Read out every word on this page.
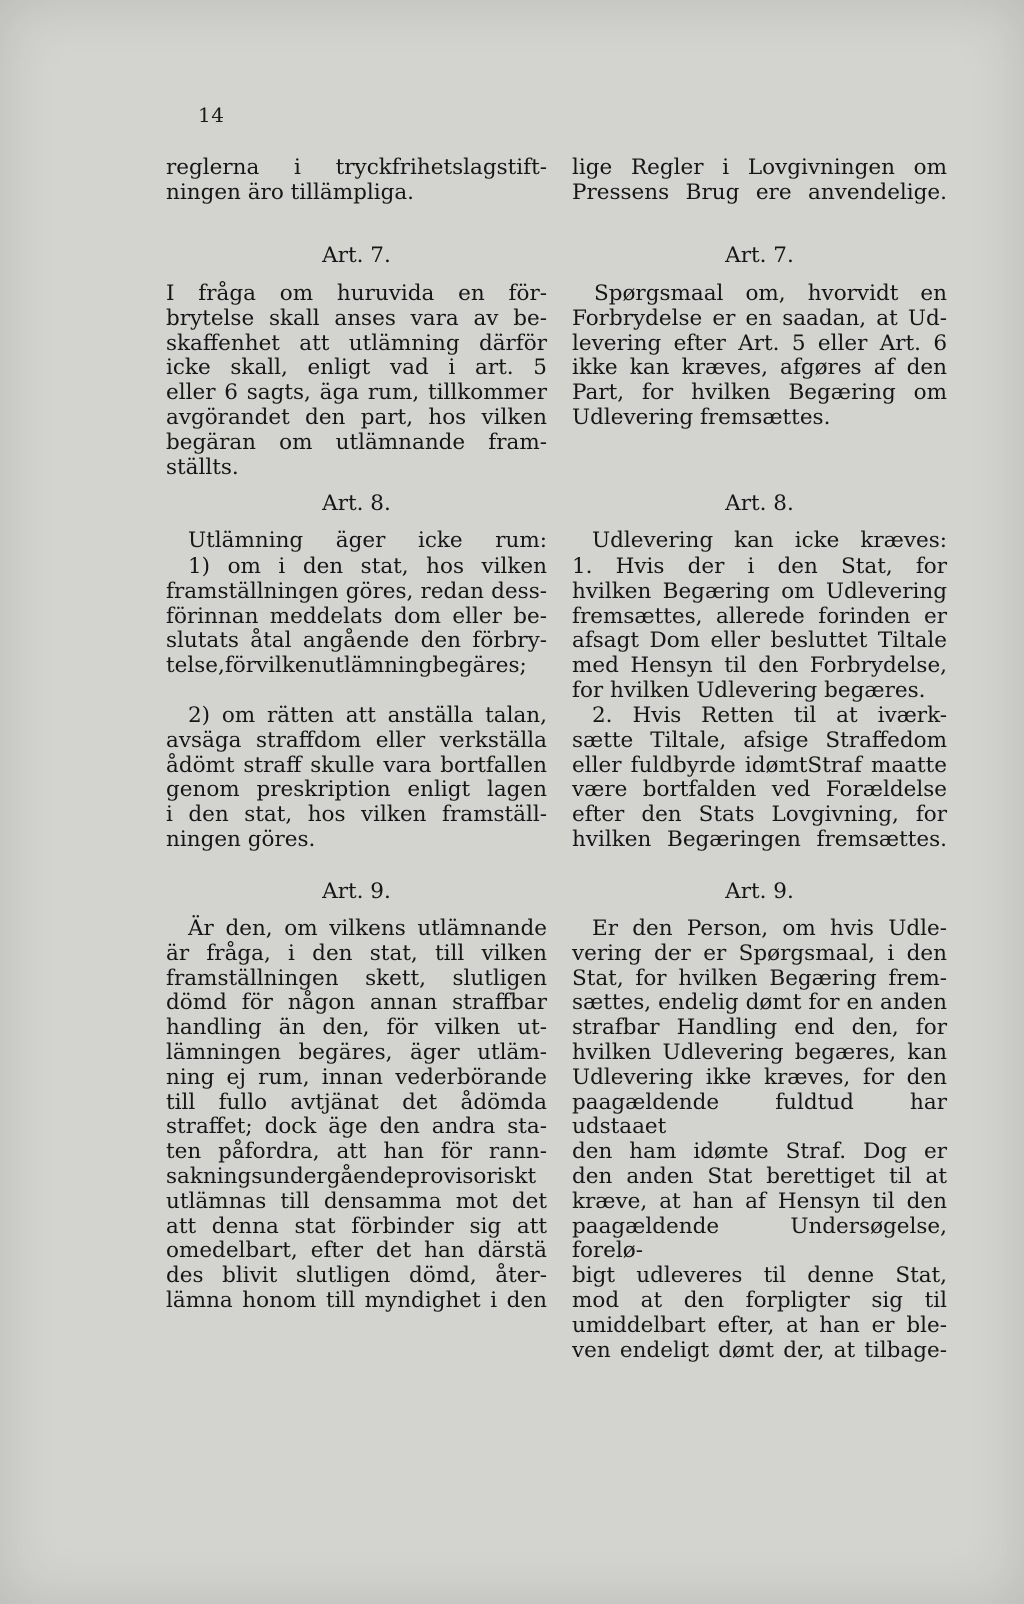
14
reglerna i tryckfrihetslagstift-
ningen äro tillämpliga.
Art. 7.
I fråga om huruvida en för-
brytelse skall anses vara av be-
skaffenhet att utlämning därför
icke skall, enligt vad i art. 5
eller 6 sagts, äga rum, tillkommer
avgörandet den part, hos vilken
begäran om utlämnande fram-
ställts.
Art. 8.
Utlämning äger icke rum:
1) om i den stat, hos vilken
framställningen göres, redan dess-
förinnan meddelats dom eller be-
slutats åtal angående den förbry-
telse,förvilkenutlämningbegäres;
2) om rätten att anställa talan,
avsäga straffdom eller verkställa
ådömt straff skulle vara bortfallen
genom preskription enligt lagen
i den stat, hos vilken framställ-
ningen göres.
Art. 9.
Är den, om vilkens utlämnande
är fråga, i den stat, till vilken
framställningen skett, slutligen
dömd för någon annan straffbar
handling än den, för vilken ut-
lämningen begäres, äger utläm-
ning ej rum, innan vederbörande
till fullo avtjänat det ådömda
straffet; dock äge den andra sta-
ten påfordra, att han för rann-
sakningsundergåendeprovisoriskt
utlämnas till densamma mot det
att denna stat förbinder sig att
omedelbart, efter det han därstä
des blivit slutligen dömd, åter-
lämna honom till myndighet i den
lige Regler i Lovgivningen om
Pressens Brug ere anvendelige.
Art. 7.
Spørgsmaal om, hvorvidt en
Forbrydelse er en saadan, at Ud-
levering efter Art. 5 eller Art. 6
ikke kan kræves, afgøres af den
Part, for hvilken Begæring om
Udlevering fremsættes.
Art. 8.
Udlevering kan icke kræves:
1. Hvis der i den Stat, for
hvilken Begæring om Udlevering
fremsættes, allerede forinden er
afsagt Dom eller besluttet Tiltale
med Hensyn til den Forbrydelse,
for hvilken Udlevering begæres.
2. Hvis Retten til at iværk-
sætte Tiltale, afsige Straffedom
eller fuldbyrde idømtStraf maatte
være bortfalden ved Forældelse
efter den Stats Lovgivning, for
hvilken Begæringen fremsættes.
Art. 9.
Er den Person, om hvis Udle-
vering der er Spørgsmaal, i den
Stat, for hvilken Begæring frem-
sættes, endelig dømt for en anden
strafbar Handling end den, for
hvilken Udlevering begæres, kan
Udlevering ikke kræves, for den
paagældende fuldtud har udstaaet
den ham idømte Straf. Dog er
den anden Stat berettiget til at
kræve, at han af Hensyn til den
paagældende Undersøgelse, forelø-
bigt udleveres til denne Stat,
mod at den forpligter sig til
umiddelbart efter, at han er ble-
ven endeligt dømt der, at tilbage-
